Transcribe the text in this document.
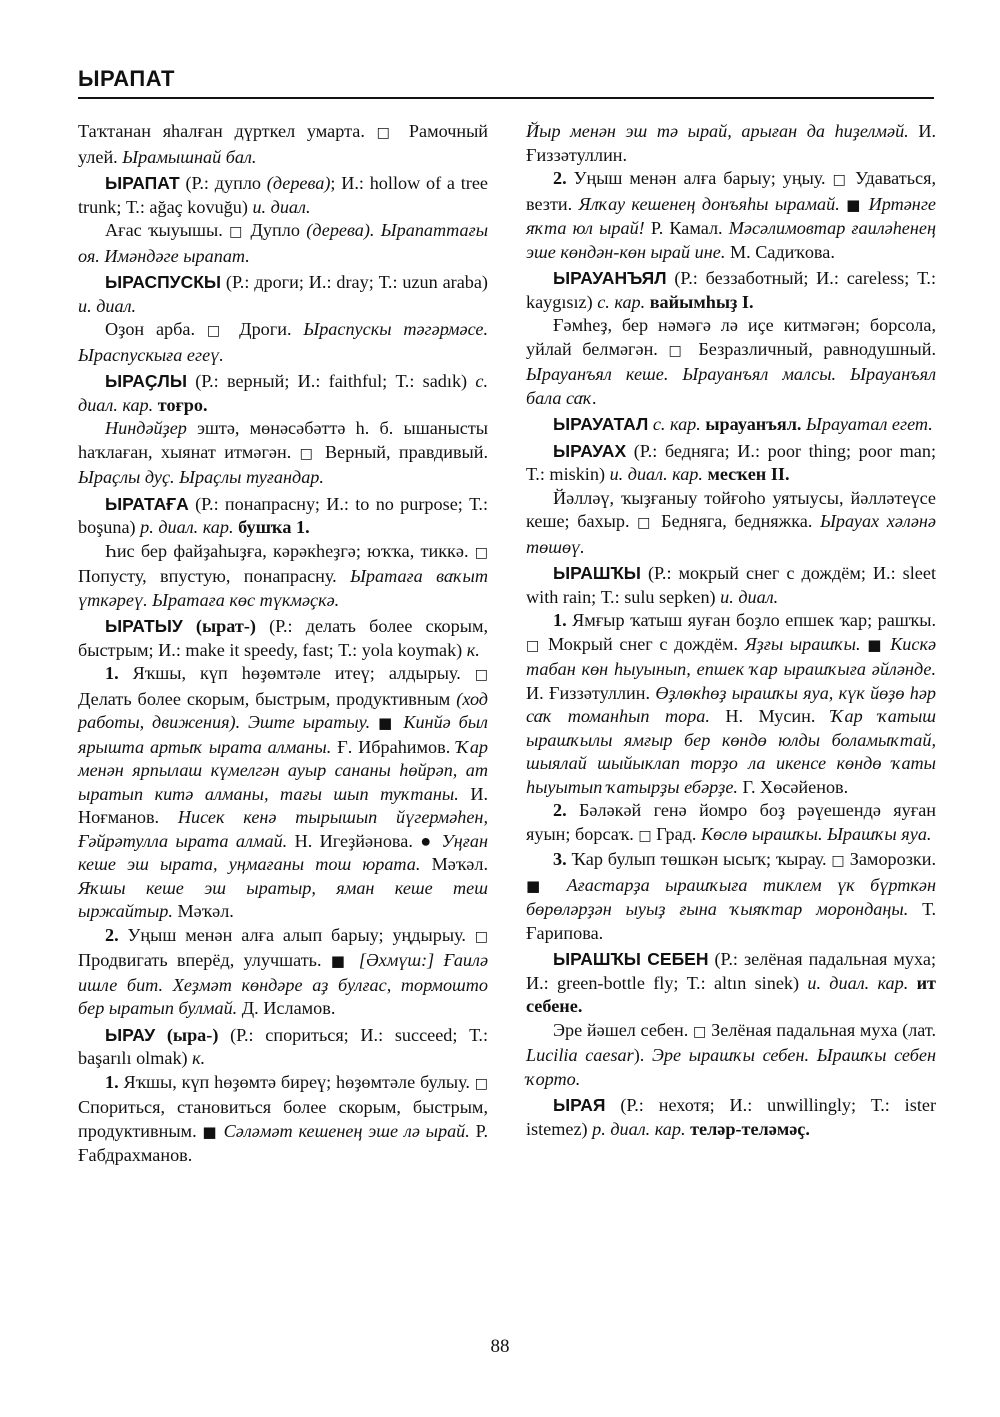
ЫРАПАТ

Таҡтанан яһалған дүрткел умарта. □ Рамочный улей. Ырамышнай бал.

ЫРАПАТ (Р.: дупло (дерева); И.: hollow of a tree trunk; Т.: ağaç kovuğu) и. диал.

Ағас ҡыуышы. □ Дупло (дерева). Ырапаттағы оя. Имәндәге ырапат.

ЫРАСПУСКЫ (Р.: дроги; И.: dray; Т.: uzun araba) и. диал.

Оҙон арба. □ Дроги. Ыраспускы тәгәрмәсе. Ыраспускыға егеү.

ЫРАҪЛЫ (Р.: верный; И.: faithful; Т.: sadık) с. диал. кар. тоғро.

Ниндәйҙер эштә, мөнәсәбәттә һ. б. ышанысты һаҡлаған, хыянат итмәгән. □ Верный, правдивый. Ыраҫлы дуҫ. Ыраҫлы туғандар.

ЫРАТАҒА (Р.: понапрасну; И.: to no purpose; Т.: boşuna) р. диал. кар. бушҡа 1.

Һис бер файҙаһыҙға, кәрәкһеҙгә; юҡҡа, тиккә. □ Попусту, впустую, понапрасну. Ыратаға ваҡыт үткәреү. Ыратаға көс түкмәҫкә.

ЫРАТЫУ (ырат-) (Р.: делать более скорым, быстрым; И.: make it speedy, fast; Т.: yola koymak) к.

1. Яҡшы, күп һөҙөмтәле итеү; алдырыу. □ Делать более скорым, быстрым, продуктивным (ход работы, движения). Эште ыратыу. ■ Кинйә был ярышта артыҡ ырата алманы. Ғ. Ибраһимов. Ҡар менән ярпылаш күмелгән ауыр сананы һөйрәп, ат ыратып китә алманы, тағы шып туҡтаны. И. Ноғманов. Нисек кенә тырышып йүгермәһен, Ғәйрәтулла ырата алмай. Н. Игеҙйәнова. ● Уңған кеше эш ырата, уңмағаны тош юрата. Мәҡәл. Яҡшы кеше эш ыратыр, яман кеше теш ыржайтыр. Мәҡәл.

2. Уңыш менән алға алып барыу; уңдырыу. □ Продвигать вперёд, улучшать. ■ [Әхмүш:] Ғаилә ишле бит. Хеҙмәт көндәре аҙ булғас, тормошто бер ыратып булмай. Д. Исламов.

ЫРАУ (ыра-) (Р.: спориться; И.: succeed; Т.: başarılı olmak) к.

1. Яҡшы, күп һөҙөмтә биреү; һөҙөмтәле булыу. □ Спориться, становиться более скорым, быстрым, продуктивным. ■ Сәләмәт кешенең эше лә ырай. Р. Ғабдрахманов.

Йыр менән эш тә ырай, арыған да һиҙелмәй. И. Ғиззәтуллин.

2. Уңыш менән алға барыу; уңыу. □ Удаваться, везти. Ялҡау кешенең донъяһы ырамай. ■ Иртәнге яҡта юл ырай! Р. Камал. Мәсәлимовтар ғаиләһенең эше көндән-көн ырай ине. М. Садиҡова.

ЫРАУАНЪЯЛ (Р.: беззаботный; И.: careless; Т.: kaygısız) с. кар. вайымһыҙ I.

Ғәмһеҙ, бер нәмәгә лә иҫе китмәгән; борсола, уйлай белмәгән. □ Безразличный, равнодушный. Ырауанъял кеше. Ырауанъял малсы. Ырауанъял бала саҡ.

ЫРАУАТАЛ с. кар. ырауанъял. Ырауатал егет.

ЫРАУАХ (Р.: бедняга; И.: poor thing; poor man; Т.: miskin) и. диал. кар. месҡен II.

Йәлләү, ҡыҙғаныу тойғоһо уятыусы, йәлләтеүсе кеше; бахыр. □ Бедняга, бедняжка. Ырауах хәләнә төшөү.

ЫРАШҠЫ (Р.: мокрый снег с дождём; И.: sleet with rain; Т.: sulu sepken) и. диал.

1. Ямғыр ҡатыш яуған боҙло епшек ҡар; рашҡы. □ Мокрый снег с дождём. Яҙғы ырашҡы. ■ Кискә табан көн һыуынып, епшек ҡар ырашҡыға әйләнде. И. Ғиззәтуллин. Өҙлөкһөҙ ырашҡы яуа, күк йөҙө һәр саҡ томанһып тора. Н. Мусин. Ҡар ҡатыш ырашҡылы ямғыр бер көндө юлды боламыҡтай, шыялай шыйыклап торҙо ла икенсе көндө ҡаты һыуытып ҡатырҙы ебәрҙе. Г. Хөсәйенов.

2. Бәләкәй генә йомро боҙ рәүешендә яуған яуын; борсаҡ. □ Град. Көслө ырашҡы. Ырашҡы яуа.

3. Ҡар булып төшкән ысыҡ; ҡырау. □ Заморозки. ■ Ағастарҙа ырашҡыға тиклем үк бүрткән бөрөләрҙән ыуыҙ ғына ҡыяҡтар морондаңы. Т. Ғарипова.

ЫРАШҠЫ СЕБЕН (Р.: зелёная падальная муха; И.: green-bottle fly; Т.: altın sinek) и. диал. кар. ит себене.

Эре йәшел себен. □ Зелёная падальная муха (лат. Lucilia caesar). Эре ырашҡы себен. Ырашҡы себен ҡорто.

ЫРАЯ (Р.: нехотя; И.: unwillingly; Т.: ister istemez) р. диал. кар. теләр-теләмәҫ.

88
